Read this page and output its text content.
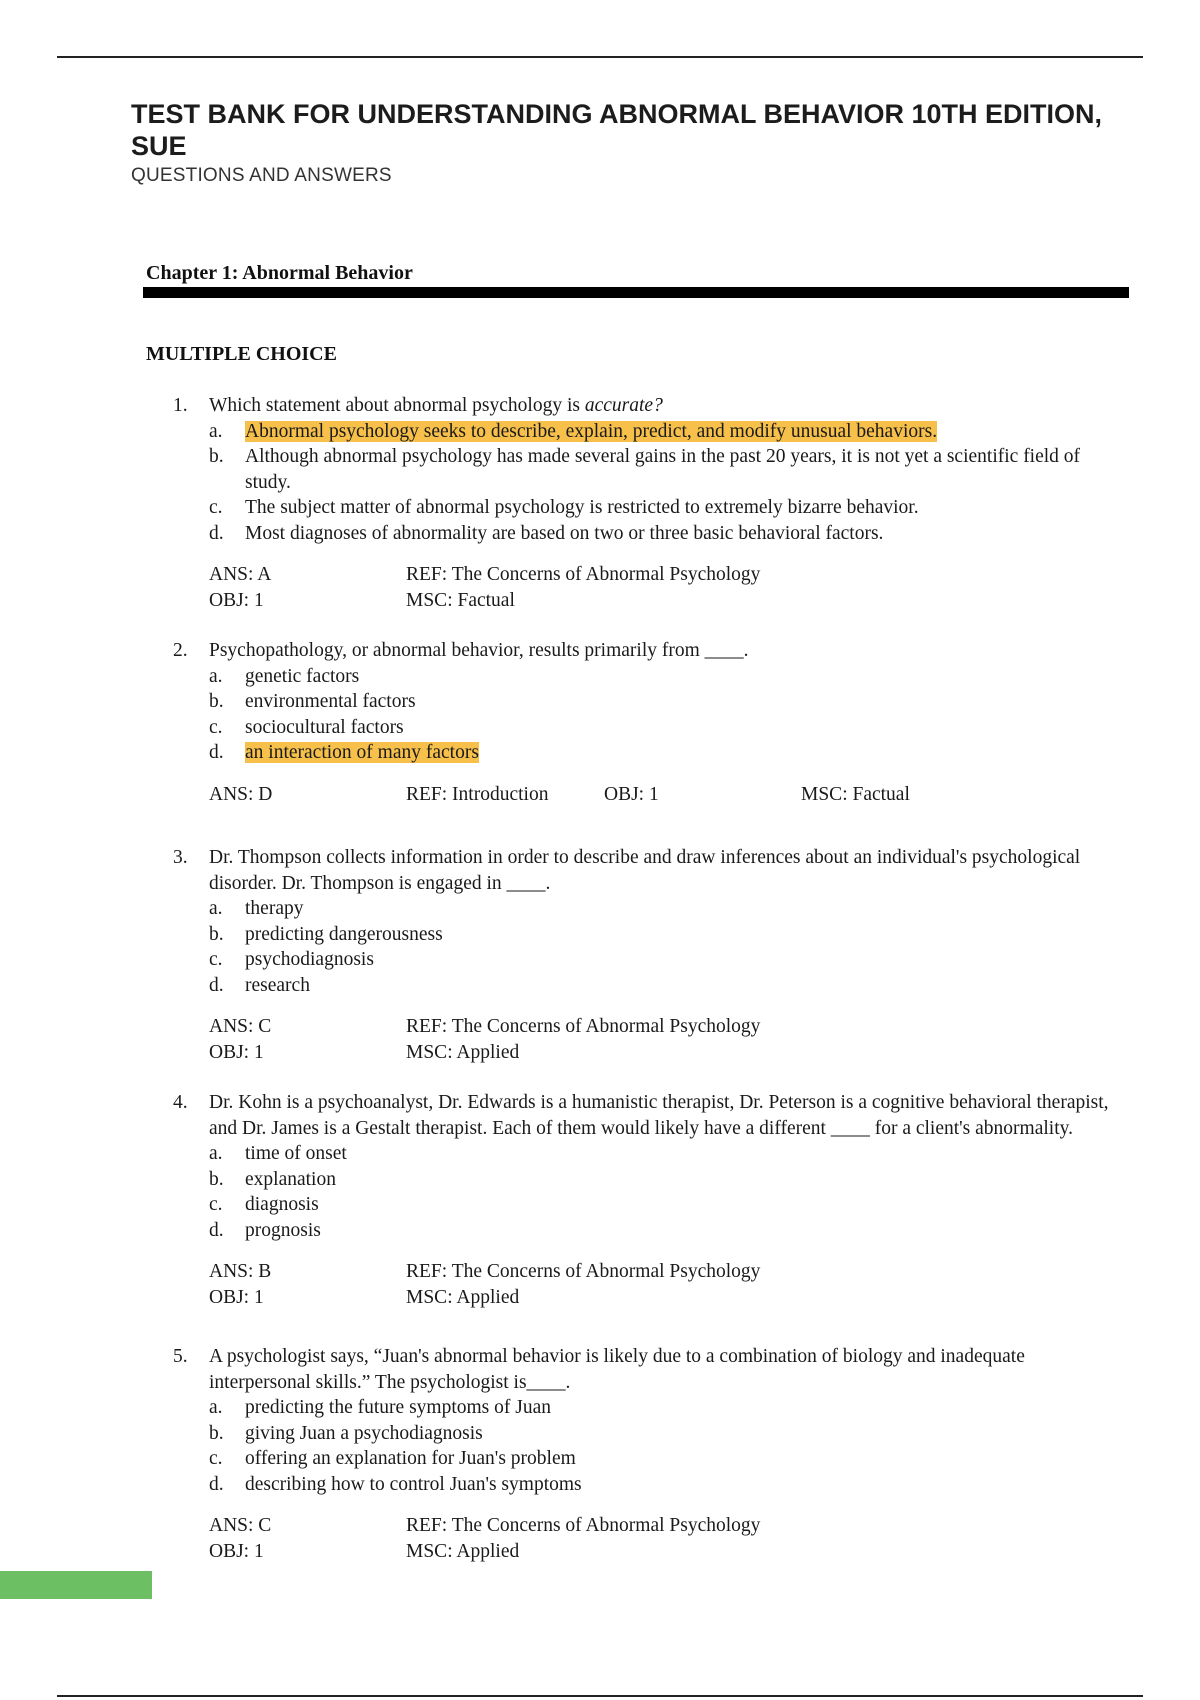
TEST BANK FOR UNDERSTANDING ABNORMAL BEHAVIOR 10TH EDITION, SUE
QUESTIONS AND ANSWERS
Chapter 1: Abnormal Behavior
MULTIPLE CHOICE
1.	Which statement about abnormal psychology is accurate?
a.	Abnormal psychology seeks to describe, explain, predict, and modify unusual behaviors.
b.	Although abnormal psychology has made several gains in the past 20 years, it is not yet a scientific field of study.
c.	The subject matter of abnormal psychology is restricted to extremely bizarre behavior.
d.	Most diagnoses of abnormality are based on two or three basic behavioral factors.
ANS: A	REF: The Concerns of Abnormal Psychology
OBJ: 1	MSC: Factual
2.	Psychopathology, or abnormal behavior, results primarily from ____.
a.	genetic factors
b.	environmental factors
c.	sociocultural factors
d.	an interaction of many factors
ANS: D	REF: Introduction	OBJ: 1	MSC: Factual
3.	Dr. Thompson collects information in order to describe and draw inferences about an individual's psychological disorder. Dr. Thompson is engaged in ____.
a.	therapy
b.	predicting dangerousness
c.	psychodiagnosis
d.	research
ANS: C	REF: The Concerns of Abnormal Psychology
OBJ: 1	MSC: Applied
4.	Dr. Kohn is a psychoanalyst, Dr. Edwards is a humanistic therapist, Dr. Peterson is a cognitive behavioral therapist, and Dr. James is a Gestalt therapist. Each of them would likely have a different ____ for a client's abnormality.
a.	time of onset
b.	explanation
c.	diagnosis
d.	prognosis
ANS: B	REF: The Concerns of Abnormal Psychology
OBJ: 1	MSC: Applied
5.	A psychologist says, “Juan's abnormal behavior is likely due to a combination of biology and inadequate interpersonal skills.” The psychologist is____.
a.	predicting the future symptoms of Juan
b.	giving Juan a psychodiagnosis
c.	offering an explanation for Juan's problem
d.	describing how to control Juan's symptoms
ANS: C	REF: The Concerns of Abnormal Psychology
OBJ: 1	MSC: Applied
